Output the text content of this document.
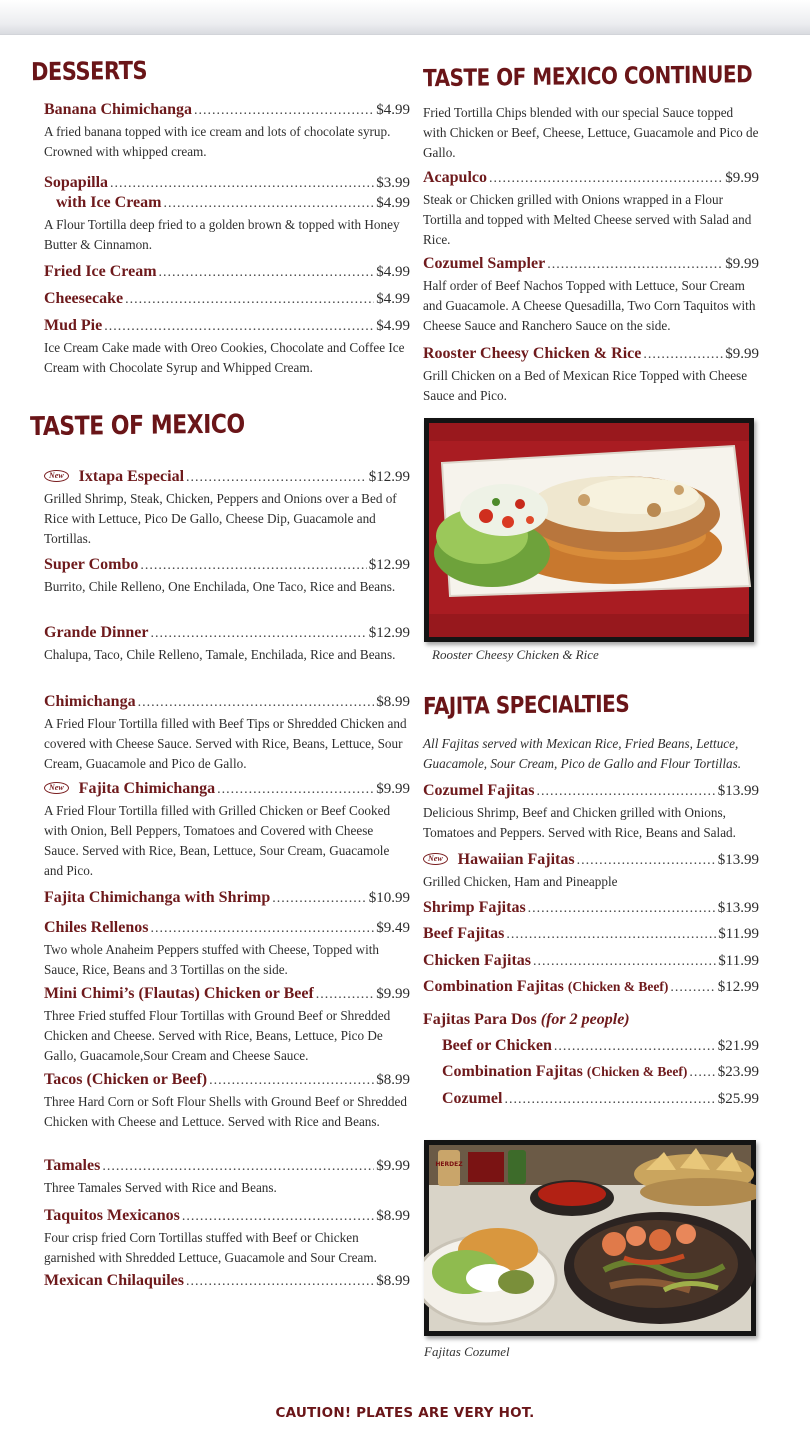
DESSERTS
Banana Chimichanga .....	$4.99

A fried banana topped with ice cream and lots of chocolate syrup. Crowned with whipped cream.

Sopapilla .....	$3.99
with Ice Cream .....	$4.99

A Flour Tortilla deep fried to a golden brown & topped with Honey Butter & Cinnamon.

Fried Ice Cream .....	$4.99
Cheesecake .....	$4.99
Mud Pie .....	$4.99

Ice Cream Cake made with Oreo Cookies, Chocolate and Coffee Ice Cream with Chocolate Syrup and Whipped Cream.

TASTE OF MEXICO
New Ixtapa Especial .....	$12.99

Grilled Shrimp, Steak, Chicken, Peppers and Onions over a Bed of Rice with Lettuce, Pico De Gallo, Cheese Dip, Guacamole and Tortillas.

Super Combo .....	$12.99

Burrito, Chile Relleno, One Enchilada, One Taco, Rice and Beans.

Grande Dinner .....	$12.99

Chalupa, Taco, Chile Relleno, Tamale, Enchilada, Rice and Beans.

Chimichanga .....	$8.99

A Fried Flour Tortilla filled with Beef Tips or Shredded Chicken and covered with Cheese Sauce. Served with Rice, Beans, Lettuce, Sour Cream, Guacamole and Pico de Gallo.

New Fajita Chimichanga .....	$9.99

A Fried Flour Tortilla filled with Grilled Chicken or Beef Cooked with Onion, Bell Peppers, Tomatoes and Covered with Cheese Sauce. Served with Rice, Bean, Lettuce, Sour Cream, Guacamole and Pico.

Fajita Chimichanga with Shrimp .....	$10.99
Chiles Rellenos .....	$9.49

Two whole Anaheim Peppers stuffed with Cheese, Topped with Sauce, Rice, Beans and 3 Tortillas on the side.

Mini Chimi’s (Flautas) Chicken or Beef .....	$9.99

Three Fried stuffed Flour Tortillas with Ground Beef or Shredded Chicken and Cheese. Served with Rice, Beans, Lettuce, Pico De Gallo, Guacamole,Sour Cream and Cheese Sauce.

Tacos (Chicken or Beef) .....	$8.99

Three Hard Corn or Soft Flour Shells with Ground Beef or Shredded Chicken with Cheese and Lettuce. Served with Rice and Beans.

Tamales .....	$9.99

Three Tamales Served with Rice and Beans.

Taquitos Mexicanos .....	$8.99

Four crisp fried Corn Tortillas stuffed with Beef or Chicken garnished with Shredded Lettuce, Guacamole and Sour Cream.

Mexican Chilaquiles .....	$8.99
TASTE OF MEXICO CONTINUED

Fried Tortilla Chips blended with our special Sauce topped with Chicken or Beef, Cheese, Lettuce, Guacamole and Pico de Gallo.

Acapulco .....	$9.99

Steak or Chicken grilled with Onions wrapped in a Flour Tortilla and topped with Melted Cheese served with Salad and Rice.

Cozumel Sampler .....	$9.99

Half order of Beef Nachos Topped with Lettuce, Sour Cream and Guacamole. A Cheese Quesadilla, Two Corn Taquitos with Cheese Sauce and Ranchero Sauce on the side.

Rooster Cheesy Chicken & Rice .....	$9.99

Grill Chicken on a Bed of Mexican Rice Topped with Cheese Sauce and Pico.

Rooster Cheesy Chicken & Rice
FAJITA SPECIALTIES

All Fajitas served with Mexican Rice, Fried Beans, Lettuce, Guacamole, Sour Cream, Pico de Gallo and Flour Tortillas.

Cozumel Fajitas .....	$13.99

Delicious Shrimp, Beef and Chicken grilled with Onions, Tomatoes and Peppers. Served with Rice, Beans and Salad.

New Hawaiian Fajitas .....	$13.99

Grilled Chicken, Ham and Pineapple

Shrimp Fajitas .....	$13.99
Beef Fajitas .....	$11.99
Chicken Fajitas .....	$11.99
Combination Fajitas (Chicken & Beef) .....	$12.99
Fajitas Para Dos (for 2 people)
Beef or Chicken .....	$21.99
Combination Fajitas (Chicken & Beef) ..... $23.99
Cozumel .....	$25.99
HERDEZ
Fajitas Cozumel
CAUTION! PLATES ARE VERY HOT.
